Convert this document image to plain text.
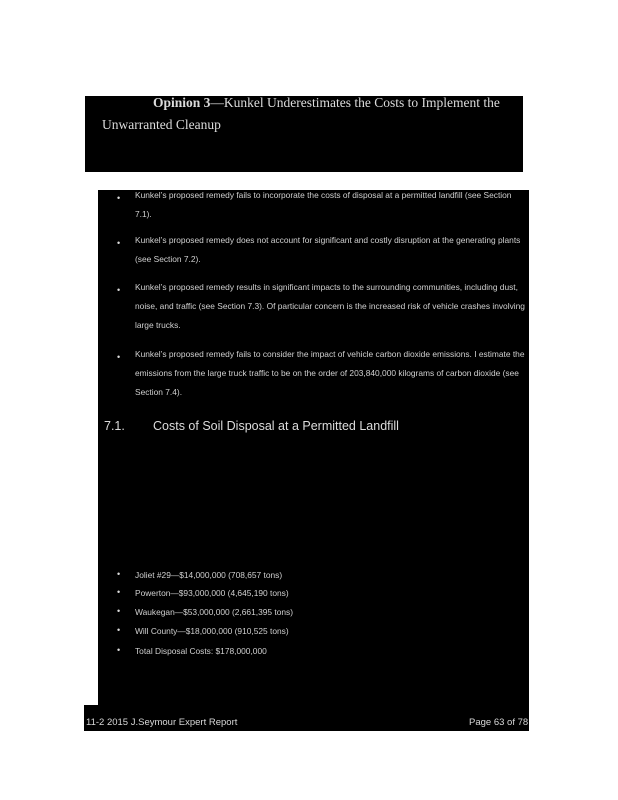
Opinion 3—Kunkel Underestimates the Costs to Implement the
Unwarranted Cleanup
• Kunkel’s proposed remedy fails to incorporate the costs of disposal at a permitted landfill (see Section 7.1).
• Kunkel’s proposed remedy does not account for significant and costly disruption at the generating plants (see Section 7.2).
• Kunkel’s proposed remedy results in significant impacts to the surrounding communities, including dust, noise, and traffic (see Section 7.3). Of particular concern is the increased risk of vehicle crashes involving large trucks.
• Kunkel’s proposed remedy fails to consider the impact of vehicle carbon dioxide emissions. I estimate the emissions from the large truck traffic to be on the order of 203,840,000 kilograms of carbon dioxide (see Section 7.4).
7.1. Costs of Soil Disposal at a Permitted Landfill
• Joliet #29—$14,000,000 (708,657 tons)
• Powerton—$93,000,000 (4,645,190 tons)
• Waukegan—$53,000,000 (2,661,395 tons)
• Will County—$18,000,000 (910,525 tons)
• Total Disposal Costs: $178,000,000
11-2 2015 J.Seymour Expert Report	Page 63 of 78
